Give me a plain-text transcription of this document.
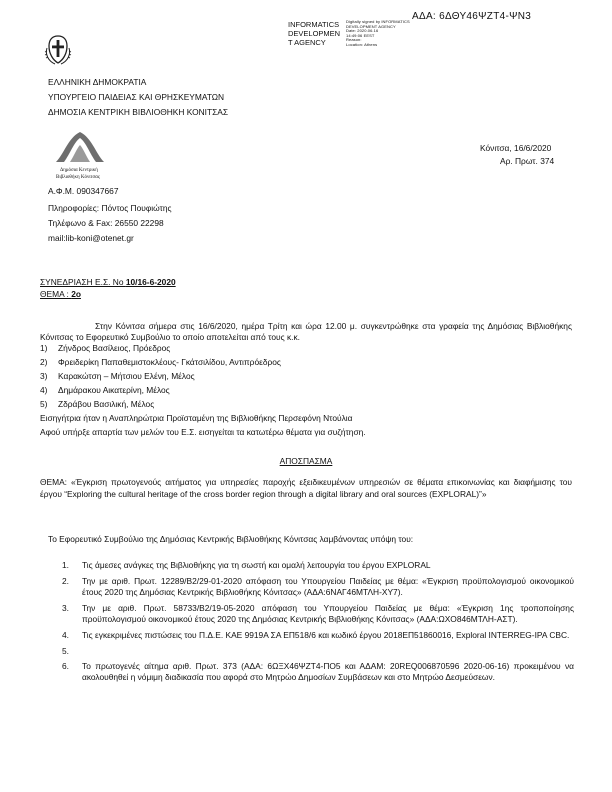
ΑΔΑ: 6ΔΘΥ46ΨΖΤ4-ΨΝ3
INFORMATICS
DEVELOPMEN
T AGENCY
Digitally signed by INFORMATICS
DEVELOPMENT AGENCY
Date: 2020.06.16
14:49:06 EEST
Reason:
Location: Athens
ΕΛΛΗΝΙΚΗ ΔΗΜΟΚΡΑΤΙΑ
ΥΠΟΥΡΓΕΙΟ ΠΑΙΔΕΙΑΣ ΚΑΙ ΘΡΗΣΚΕΥΜΑΤΩΝ
ΔΗΜΟΣΙΑ ΚΕΝΤΡΙΚΗ ΒΙΒΛΙΟΘΗΚΗ ΚΟΝΙΤΣΑΣ
Δημόσια Κεντρική
Βιβλιοθήκη Κόνιτσας
Κόνιτσα, 16/6/2020
Αρ. Πρωτ. 374
Α.Φ.Μ. 090347667
Πληροφορίες: Πόντος Πουφιώτης
Τηλέφωνο & Fax: 26550 22298
mail:lib-koni@otenet.gr
ΣΥΝΕΔΡΙΑΣΗ Ε.Σ. Νο 10/16-6-2020
ΘΕΜΑ : 2ο
Στην Κόνιτσα σήμερα στις 16/6/2020, ημέρα Τρίτη και ώρα 12.00 μ. συγκεντρώθηκε στα γραφεία της Δημόσιας Βιβλιοθήκης Κόνιτσας το Εφορευτικό Συμβούλιο το οποίο αποτελείται από τους κ.κ.
1) Ζήνδρος Βασίλειος, Πρόεδρος
2) Φρειδερίκη Παπαθεμιστοκλέους- Γκάτσιλίδου, Αντιπρόεδρος
3) Καρακώτση – Μήτσιου Ελένη, Μέλος
4) Δημάρακου Αικατερίνη, Μέλος
5) Ζδράβου Βασιλική, Μέλος
Εισηγήτρια ήταν η Αναπληρώτρια Προϊσταμένη της Βιβλιοθήκης Περσεφόνη Ντούλια
Αφού υπήρξε απαρτία των μελών του Ε.Σ. εισηγείται τα κατωτέρω θέματα για συζήτηση.
ΑΠΟΣΠΑΣΜΑ
ΘΕΜΑ: «Έγκριση πρωτογενούς αιτήματος για υπηρεσίες παροχής εξειδικευμένων υπηρεσιών σε θέματα επικοινωνίας και διαφήμισης του έργου “Exploring the cultural heritage of the cross border region through a digital library and oral sources (EXPLORAL)”»
Το Εφορευτικό Συμβούλιο της Δημόσιας Κεντρικής Βιβλιοθήκης Κόνιτσας λαμβάνοντας υπόψη του:
1.	Τις άμεσες ανάγκες της Βιβλιοθήκης για τη σωστή και ομαλή λειτουργία του έργου EXPLORAL
2.	Την με αριθ. Πρωτ. 12289/Β2/29-01-2020 απόφαση του Υπουργείου Παιδείας με θέμα: «Έγκριση προϋπολογισμού οικονομικού έτους 2020 της Δημόσιας Κεντρικής Βιβλιοθήκης Κόνιτσας» (ΑΔΑ:6ΝΑΓ46ΜΤΛΗ-ΧΥ7).
3.	Την με αριθ. Πρωτ. 58733/Β2/19-05-2020 απόφαση του Υπουργείου Παιδείας με θέμα: «Έγκριση 1ης τροποποίησης προϋπολογισμού οικονομικού έτους 2020 της Δημόσιας Κεντρικής Βιβλιοθήκης Κόνιτσας» (ΑΔΑ:ΩΧΟ846ΜΤΛΗ-ΑΣΤ).
4.	Τις εγκεκριμένες πιστώσεις του Π.Δ.Ε. ΚΑΕ 9919Α ΣΑ ΕΠ518/6 και κωδικό έργου 2018ΕΠ51860016, Exploral INTERREG-IPA CBC.
5.
6.	Το πρωτογενές αίτημα αριθ. Πρωτ. 373 (ΑΔΑ: 6ΩΞΧ46ΨΖΤ4-ΠΟ5 και ΑΔΑΜ: 20REQ006870596 2020-06-16) προκειμένου να ακολουθηθεί η νόμιμη διαδικασία που αφορά στο Μητρώο Δημοσίων Συμβάσεων και στο Μητρώο Δεσμεύσεων.
